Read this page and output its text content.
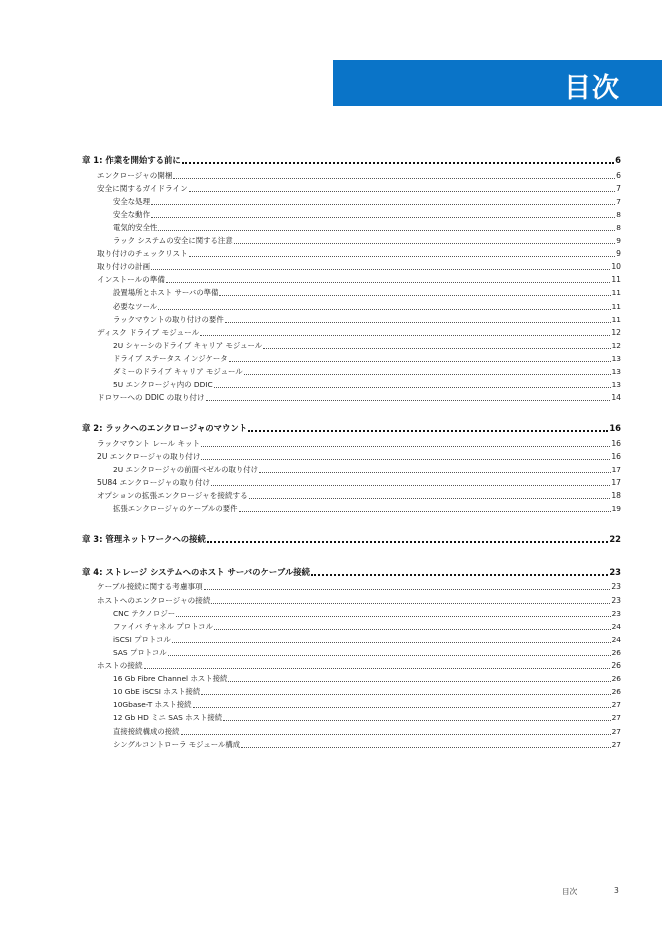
目次
章 1: 作業を開始する前に	6
エンクロージャの開梱	6
安全に関するガイドライン	7
安全な処理	7
安全な動作	8
電気的安全性	8
ラック システムの安全に関する注意	9
取り付けのチェックリスト	9
取り付けの計画	10
インストールの準備	11
設置場所とホスト サーバの準備	11
必要なツール	11
ラックマウントの取り付けの要件	11
ディスク ドライブ モジュール	12
2U シャーシのドライブ キャリア モジュール	12
ドライブ ステータス インジケータ	13
ダミーのドライブ キャリア モジュール	13
5U エンクロージャ内の DDIC	13
ドロワーへの DDIC の取り付け	14
章 2: ラックへのエンクロージャのマウント	16
ラックマウント レール キット	16
2U エンクロージャの取り付け	16
2U エンクロージャの前面ベゼルの取り付け	17
5U84 エンクロージャの取り付け	17
オプションの拡張エンクロージャを接続する	18
拡張エンクロージャのケーブルの要件	19
章 3: 管理ネットワークへの接続	22
章 4: ストレージ システムへのホスト サーバのケーブル接続	23
ケーブル接続に関する考慮事項	23
ホストへのエンクロージャの接続	23
CNC テクノロジー	23
ファイバ チャネル プロトコル	24
iSCSI プロトコル	24
SAS プロトコル	26
ホストの接続	26
16 Gb Fibre Channel ホスト接続	26
10 GbE iSCSI ホスト接続	26
10Gbase-T ホスト接続	27
12 Gb HD ミニ SAS ホスト接続	27
直接接続構成の接続	27
シングルコントローラ モジュール構成	27
目次	3
